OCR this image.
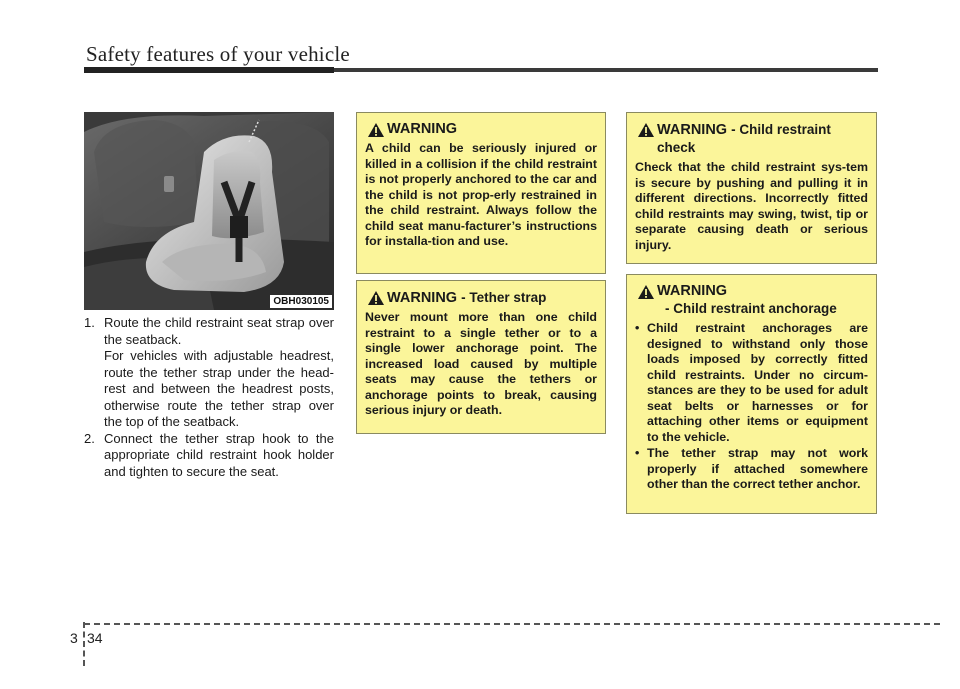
Safety features of your vehicle
OBH030105
1. Route the child restraint seat strap over the seatback.
For vehicles with adjustable headrest, route the tether strap under the head-rest and between the headrest posts, otherwise route the tether strap over the top of the seatback.
2. Connect the tether strap hook to the appropriate child restraint hook holder and tighten to secure the seat.
WARNING
A child can be seriously injured or killed in a collision if the child restraint is not properly anchored to the car and the child is not prop-erly restrained in the child restraint. Always follow the child seat manu-facturer’s instructions for installa-tion and use.
WARNING - Tether strap
Never mount more than one child restraint to a single tether or to a single lower anchorage point. The increased load caused by multiple seats may cause the tethers or anchorage points to break, causing serious injury or death.
WARNING - Child restraint check
Check that the child restraint sys-tem is secure by pushing and pulling it in different directions. Incorrectly fitted child restraints may swing, twist, tip or separate causing death or serious injury.
WARNING
- Child restraint anchorage
• Child restraint anchorages are designed to withstand only those loads imposed by correctly fitted child restraints. Under no circum-stances are they to be used for adult seat belts or harnesses or for attaching other items or equipment to the vehicle.
• The tether strap may not work properly if attached somewhere other than the correct tether anchor.
3 34
